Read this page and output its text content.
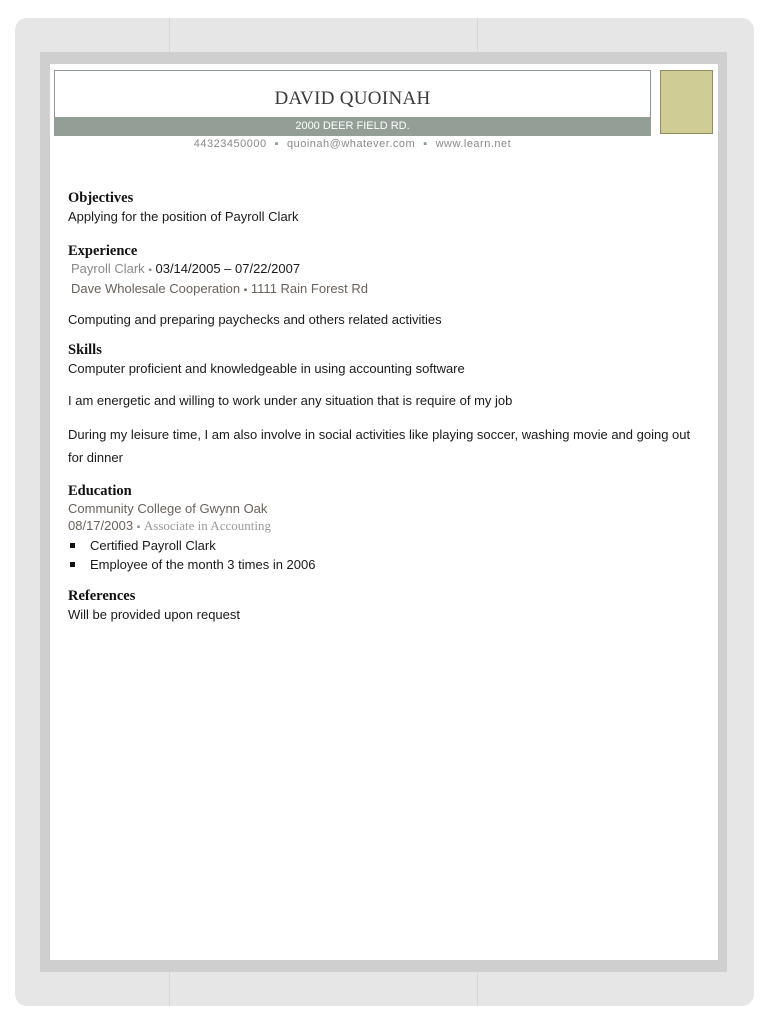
DAVID QUOINAH
2000 DEER FIELD RD.
44323450000 ▪ quoinah@whatever.com ▪ www.learn.net
Objectives

Applying for the position of Payroll Clark

Experience
Payroll Clark ▪ 03/14/2005 – 07/22/2007
Dave Wholesale Cooperation ▪ 1111 Rain Forest Rd

Computing and preparing paychecks and others related activities

Skills

Computer proficient and knowledgeable in using accounting software

I am energetic and willing to work under any situation that is require of my job

During my leisure time, I am also involve in social activities like playing soccer, washing movie and going out for dinner

Education
Community College of Gwynn Oak
08/17/2003 ▪ Associate in Accounting
Certified Payroll Clark
Employee of the month 3 times in 2006
References

Will be provided upon request
